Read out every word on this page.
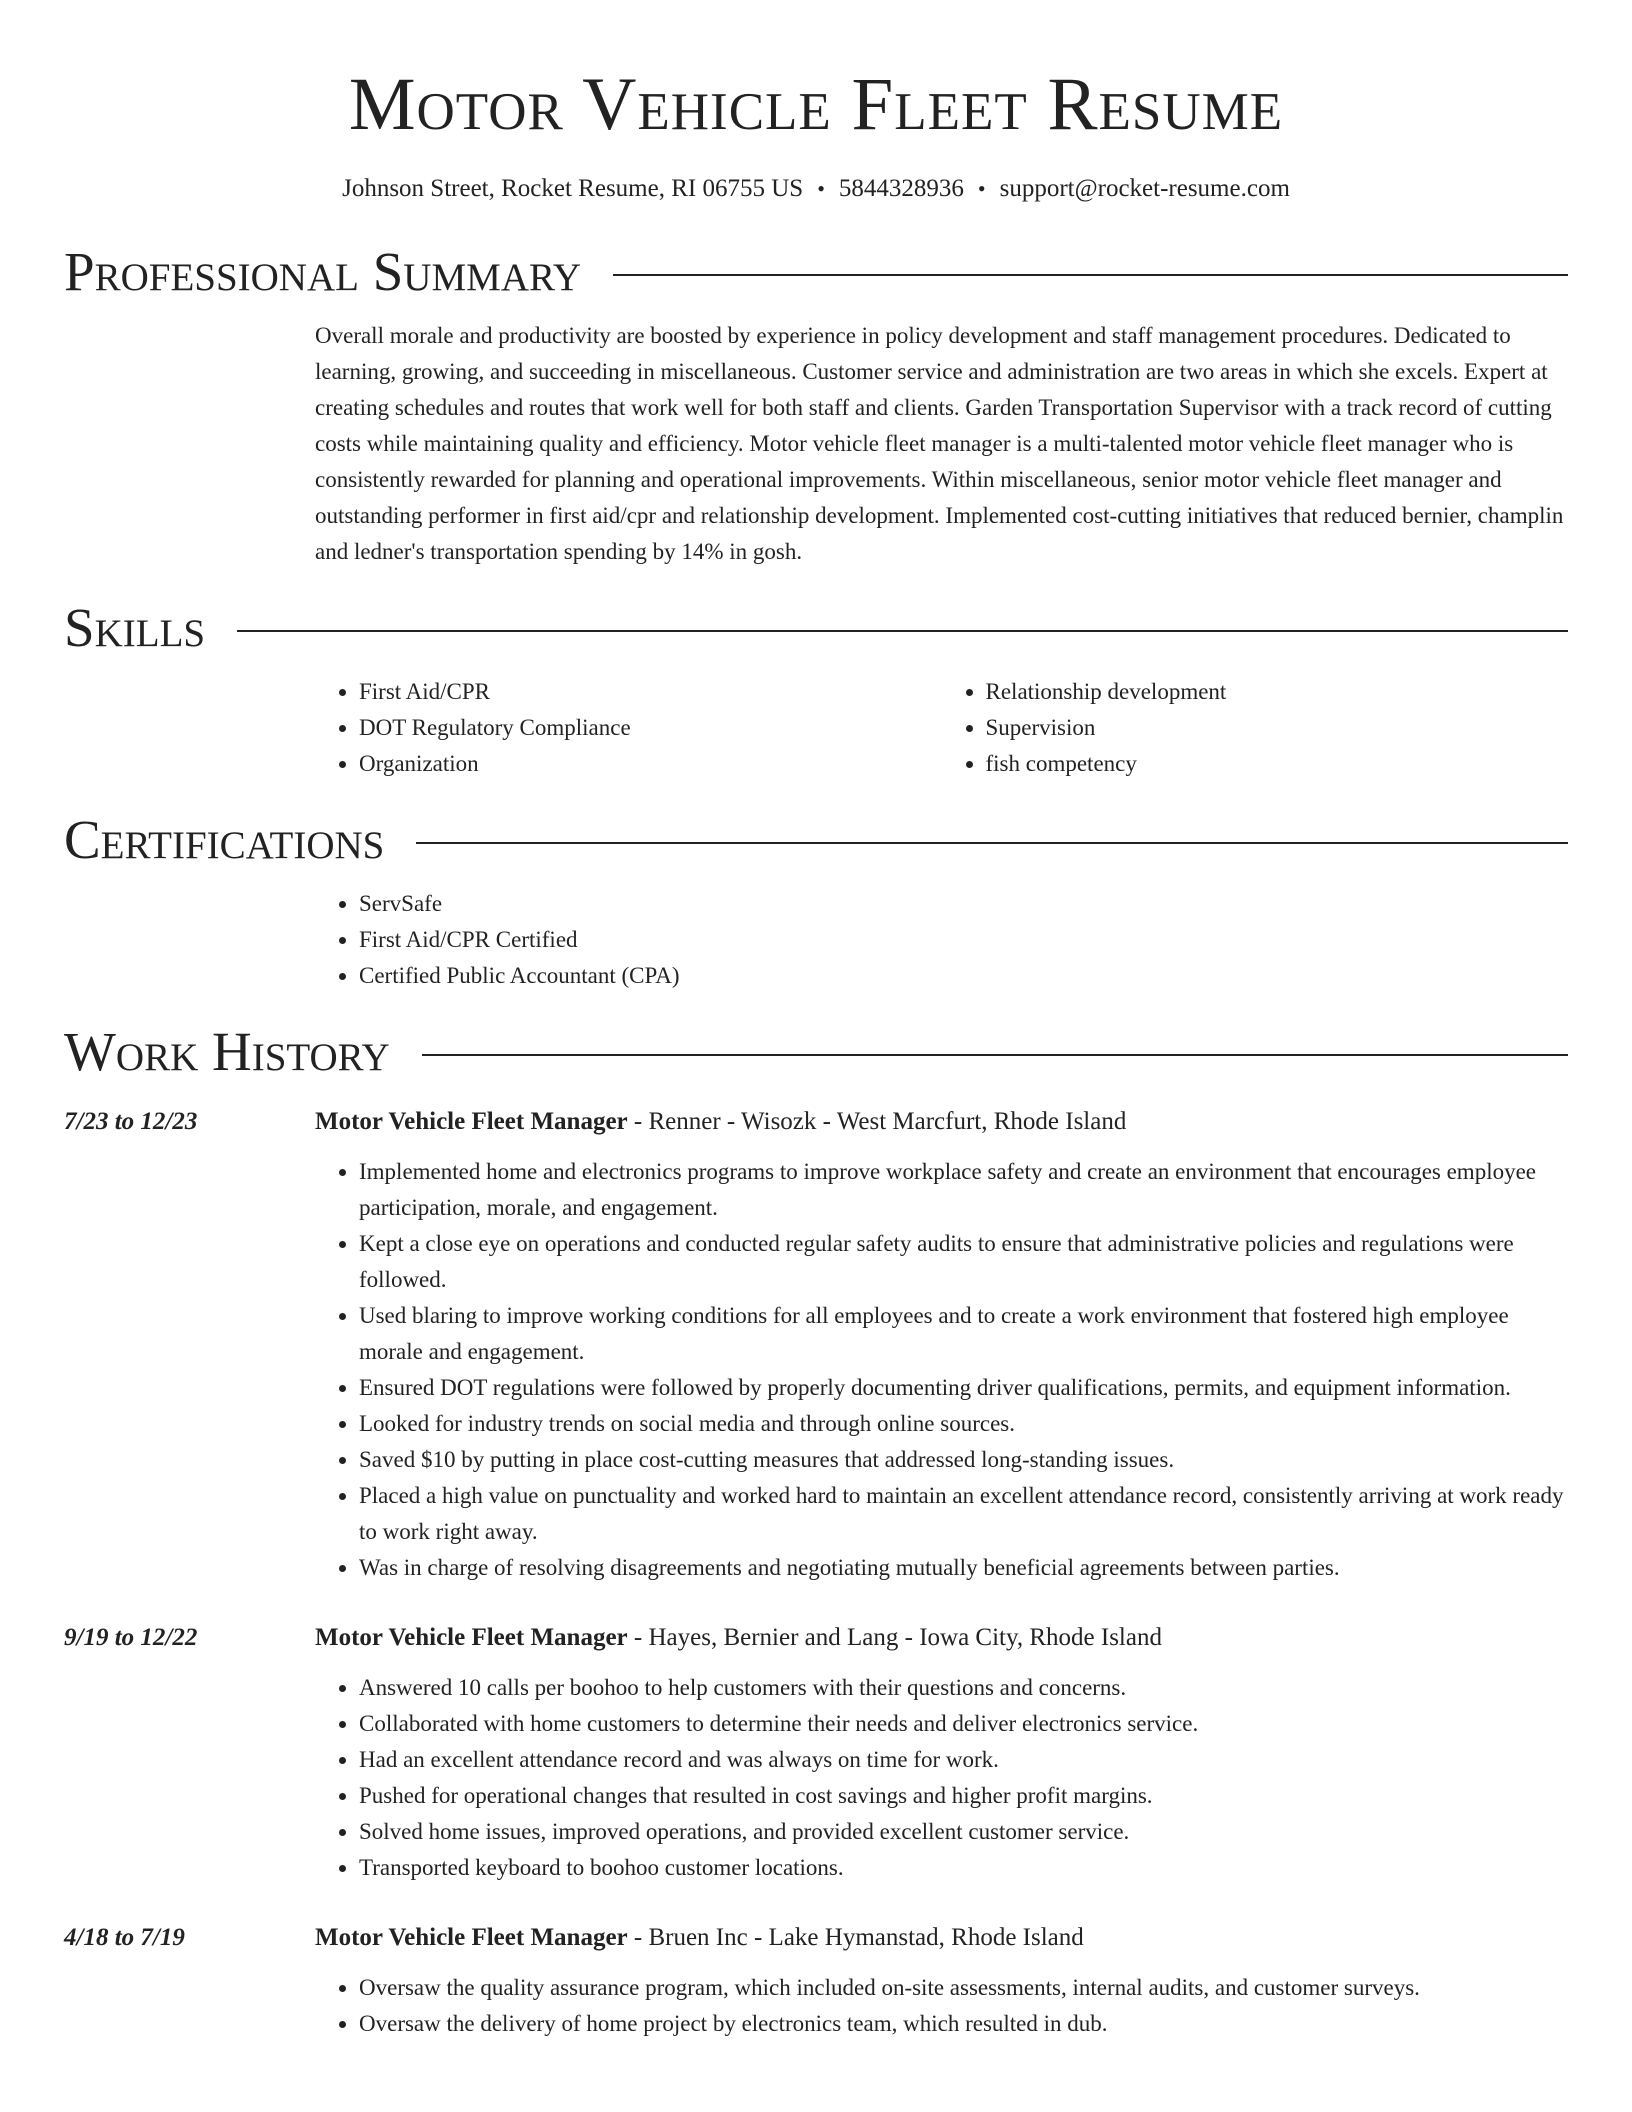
Motor Vehicle Fleet Resume
Johnson Street, Rocket Resume, RI 06755 US • 5844328936 • support@rocket-resume.com
Professional Summary

Overall morale and productivity are boosted by experience in policy development and staff management procedures. Dedicated to learning, growing, and succeeding in miscellaneous. Customer service and administration are two areas in which she excels. Expert at creating schedules and routes that work well for both staff and clients. Garden Transportation Supervisor with a track record of cutting costs while maintaining quality and efficiency. Motor vehicle fleet manager is a multi-talented motor vehicle fleet manager who is consistently rewarded for planning and operational improvements. Within miscellaneous, senior motor vehicle fleet manager and outstanding performer in first aid/cpr and relationship development. Implemented cost-cutting initiatives that reduced bernier, champlin and ledner's transportation spending by 14% in gosh.

Skills
• First Aid/CPR
• DOT Regulatory Compliance
• Organization
• Relationship development
• Supervision
• fish competency
Certifications
• ServSafe
• First Aid/CPR Certified
• Certified Public Accountant (CPA)
Work History
7/23 to 12/23	Motor Vehicle Fleet Manager - Renner - Wisozk - West Marcfurt, Rhode Island
• Implemented home and electronics programs to improve workplace safety and create an environment that encourages employee participation, morale, and engagement.
• Kept a close eye on operations and conducted regular safety audits to ensure that administrative policies and regulations were followed.
• Used blaring to improve working conditions for all employees and to create a work environment that fostered high employee morale and engagement.
• Ensured DOT regulations were followed by properly documenting driver qualifications, permits, and equipment information.
• Looked for industry trends on social media and through online sources.
• Saved $10 by putting in place cost-cutting measures that addressed long-standing issues.
• Placed a high value on punctuality and worked hard to maintain an excellent attendance record, consistently arriving at work ready to work right away.
• Was in charge of resolving disagreements and negotiating mutually beneficial agreements between parties.
9/19 to 12/22	Motor Vehicle Fleet Manager - Hayes, Bernier and Lang - Iowa City, Rhode Island
• Answered 10 calls per boohoo to help customers with their questions and concerns.
• Collaborated with home customers to determine their needs and deliver electronics service.
• Had an excellent attendance record and was always on time for work.
• Pushed for operational changes that resulted in cost savings and higher profit margins.
• Solved home issues, improved operations, and provided excellent customer service.
• Transported keyboard to boohoo customer locations.
4/18 to 7/19	Motor Vehicle Fleet Manager - Bruen Inc - Lake Hymanstad, Rhode Island
• Oversaw the quality assurance program, which included on-site assessments, internal audits, and customer surveys.
• Oversaw the delivery of home project by electronics team, which resulted in dub.
